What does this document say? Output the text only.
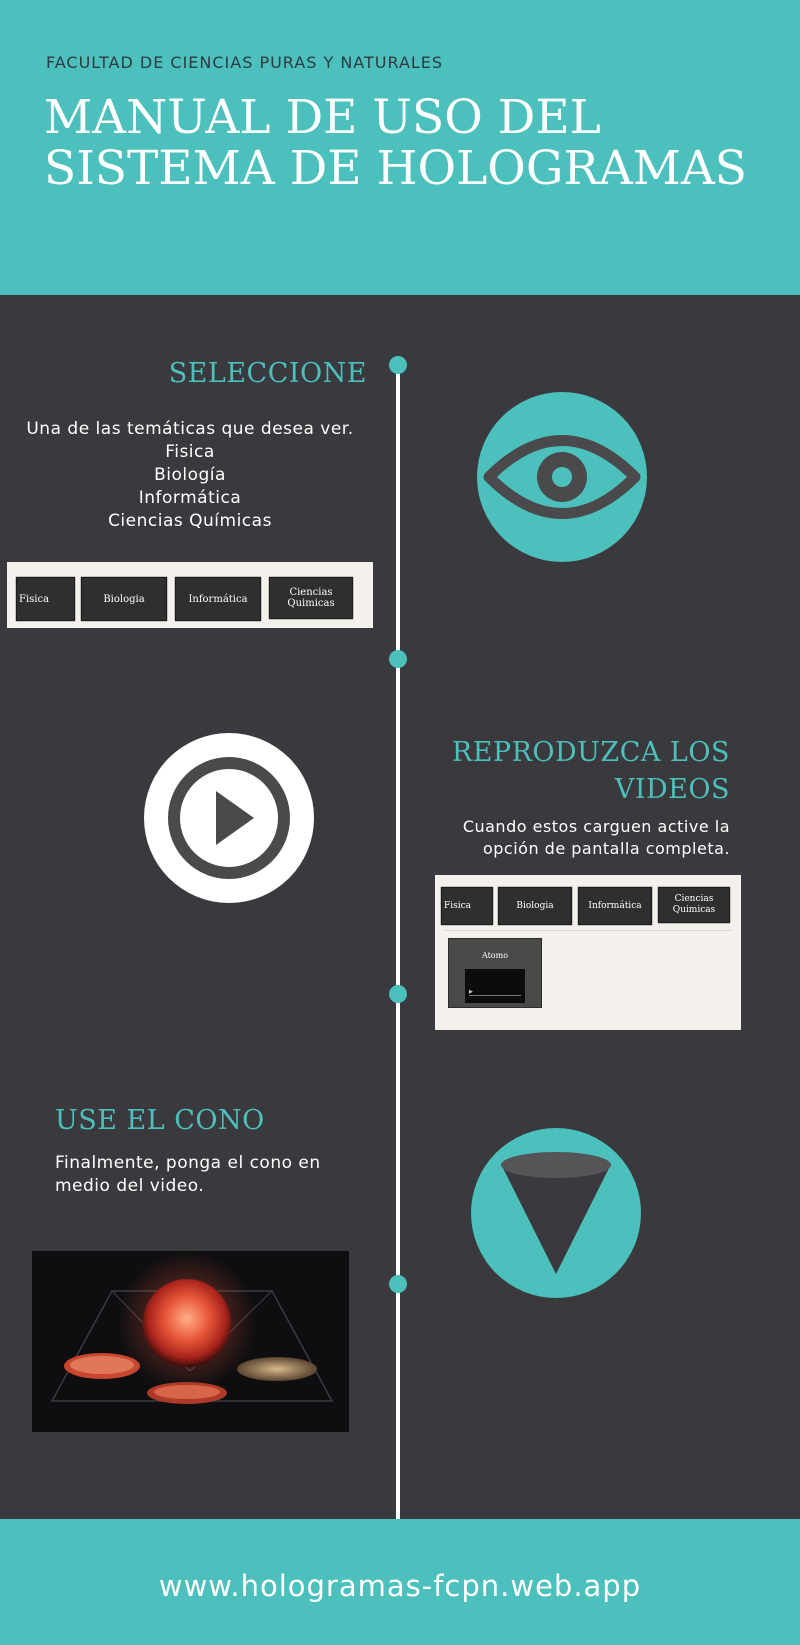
FACULTAD DE CIENCIAS PURAS Y NATURALES
MANUAL DE USO DEL
SISTEMA DE HOLOGRAMAS
SELECCIONE
Una de las temáticas que desea ver.
Fisica
Biología
Informática
Ciencias Químicas
Fisica	Biologia	Informática
Ciencias Quimicas
REPRODUZCA LOS
VIDEOS
Cuando estos carguen active la
opción de pantalla completa.
Fisica	Biologia	Informática
Ciencias Quimicas
Atomo
▶
USE EL CONO
Finalmente, ponga el cono en
medio del video.
www.hologramas-fcpn.web.app
